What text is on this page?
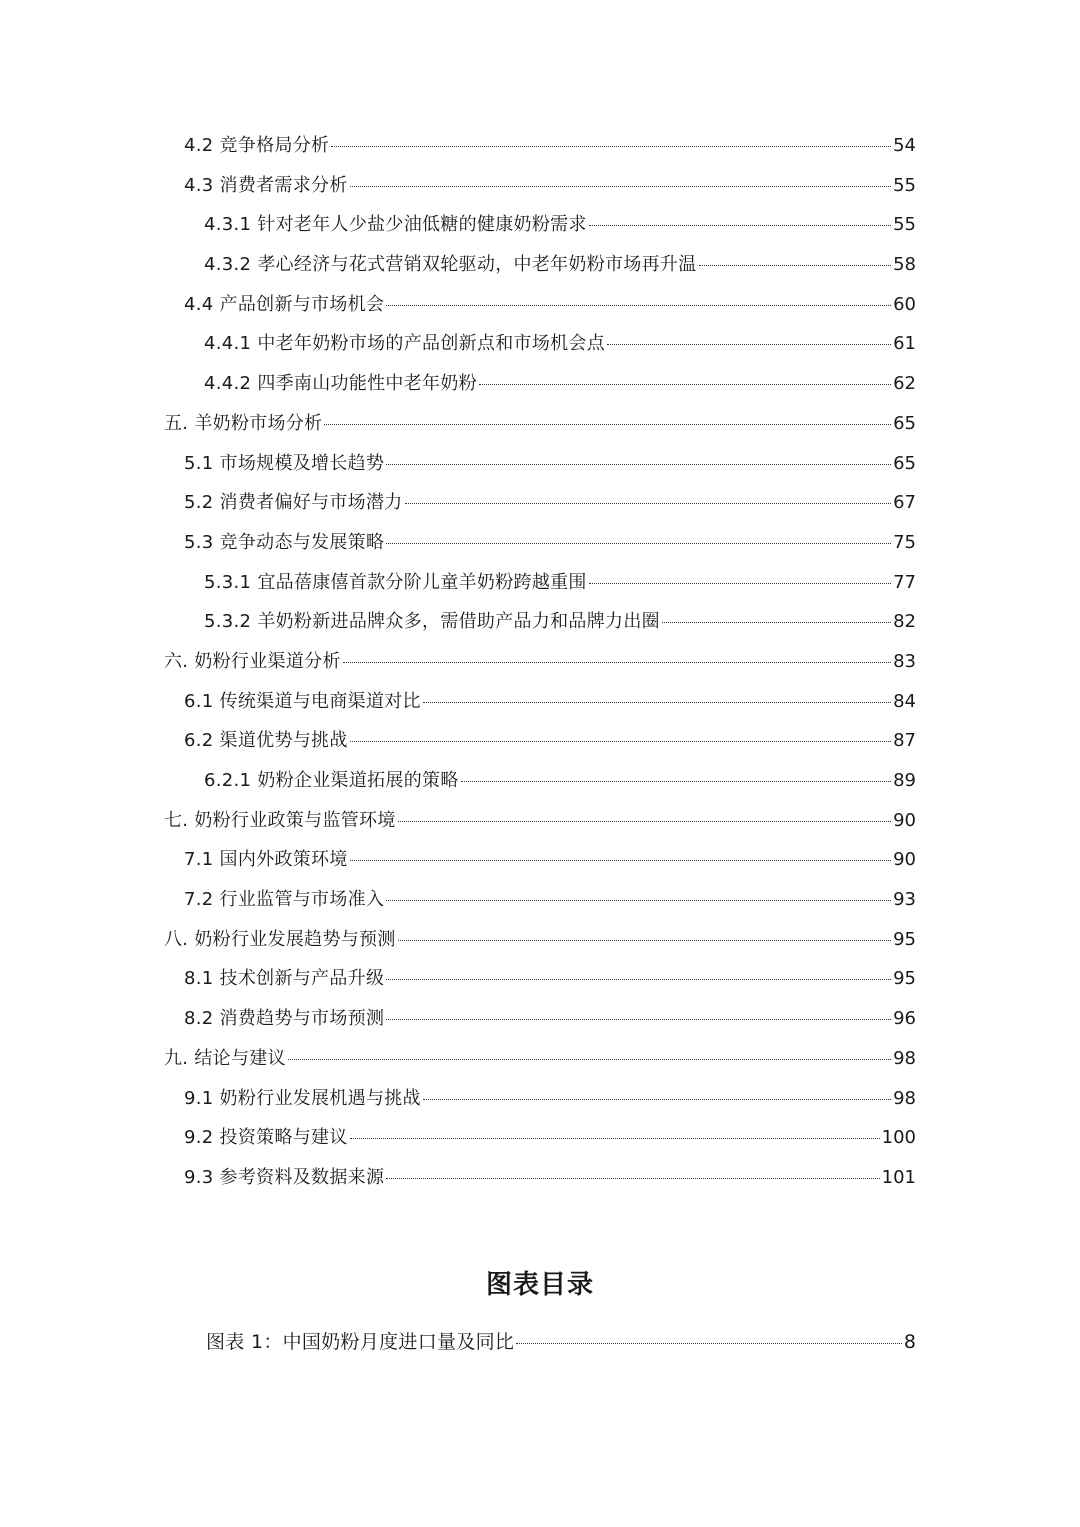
4.2 竞争格局分析	54
4.3 消费者需求分析	55
4.3.1 针对老年人少盐少油低糖的健康奶粉需求	55
4.3.2 孝心经济与花式营销双轮驱动，中老年奶粉市场再升温	58
4.4 产品创新与市场机会	60
4.4.1 中老年奶粉市场的产品创新点和市场机会点	61
4.4.2 四季南山功能性中老年奶粉	62
五. 羊奶粉市场分析	65
5.1 市场规模及增长趋势	65
5.2 消费者偏好与市场潜力	67
5.3 竞争动态与发展策略	75
5.3.1 宜品蓓康僖首款分阶儿童羊奶粉跨越重围	77
5.3.2 羊奶粉新进品牌众多，需借助产品力和品牌力出圈	82
六. 奶粉行业渠道分析	83
6.1 传统渠道与电商渠道对比	84
6.2 渠道优势与挑战	87
6.2.1 奶粉企业渠道拓展的策略	89
七. 奶粉行业政策与监管环境	90
7.1 国内外政策环境	90
7.2 行业监管与市场准入	93
八. 奶粉行业发展趋势与预测	95
8.1 技术创新与产品升级	95
8.2 消费趋势与市场预测	96
九. 结论与建议	98
9.1 奶粉行业发展机遇与挑战	98
9.2 投资策略与建议	100
9.3 参考资料及数据来源	101
图表目录
图表 1：中国奶粉月度进口量及同比	8
